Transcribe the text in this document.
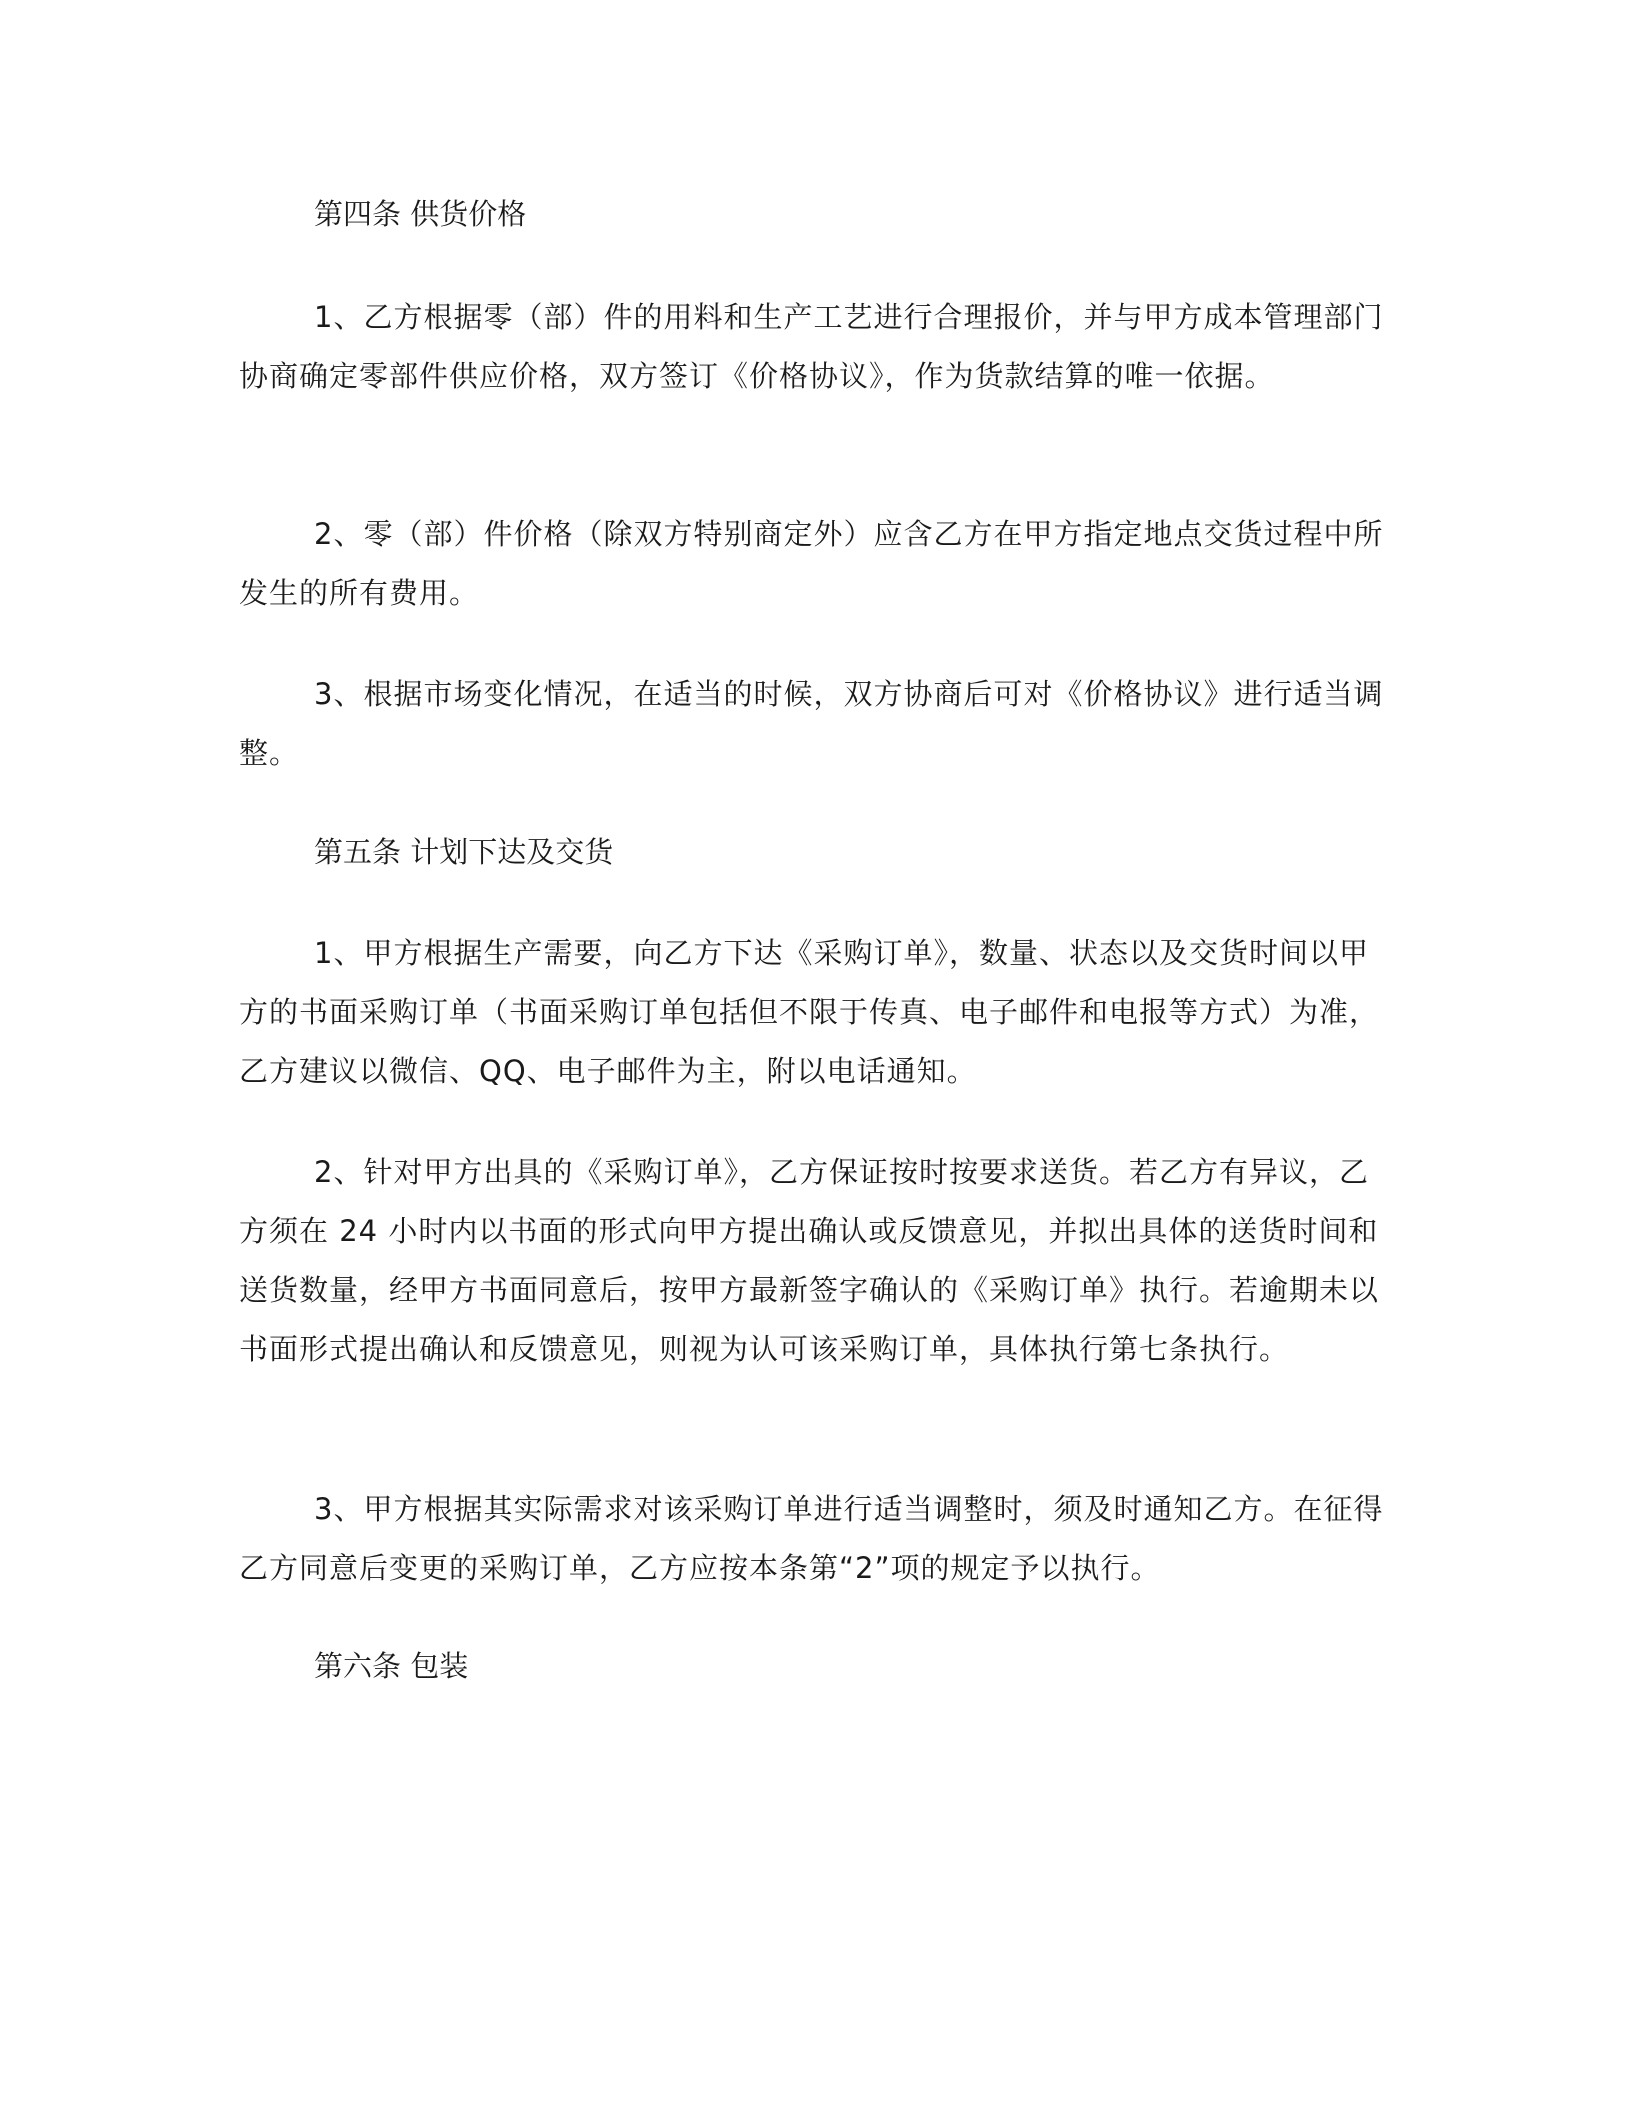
第四条 供货价格

1、乙方根据零（部）件的用料和生产工艺进行合理报价，并与甲方成本管理部门协商确定零部件供应价格，双方签订《价格协议》，作为货款结算的唯一依据。

2、零（部）件价格（除双方特别商定外）应含乙方在甲方指定地点交货过程中所发生的所有费用。

3、根据市场变化情况，在适当的时候，双方协商后可对《价格协议》进行适当调整。

第五条 计划下达及交货

1、甲方根据生产需要，向乙方下达《采购订单》，数量、状态以及交货时间以甲方的书面采购订单（书面采购订单包括但不限于传真、电子邮件和电报等方式）为准，乙方建议以微信、QQ、电子邮件为主，附以电话通知。

2、针对甲方出具的《采购订单》，乙方保证按时按要求送货。若乙方有异议，乙方须在 24 小时内以书面的形式向甲方提出确认或反馈意见，并拟出具体的送货时间和送货数量，经甲方书面同意后，按甲方最新签字确认的《采购订单》执行。若逾期未以书面形式提出确认和反馈意见，则视为认可该采购订单，具体执行第七条执行。

3、甲方根据其实际需求对该采购订单进行适当调整时，须及时通知乙方。在征得乙方同意后变更的采购订单，乙方应按本条第“2”项的规定予以执行。

第六条 包装
